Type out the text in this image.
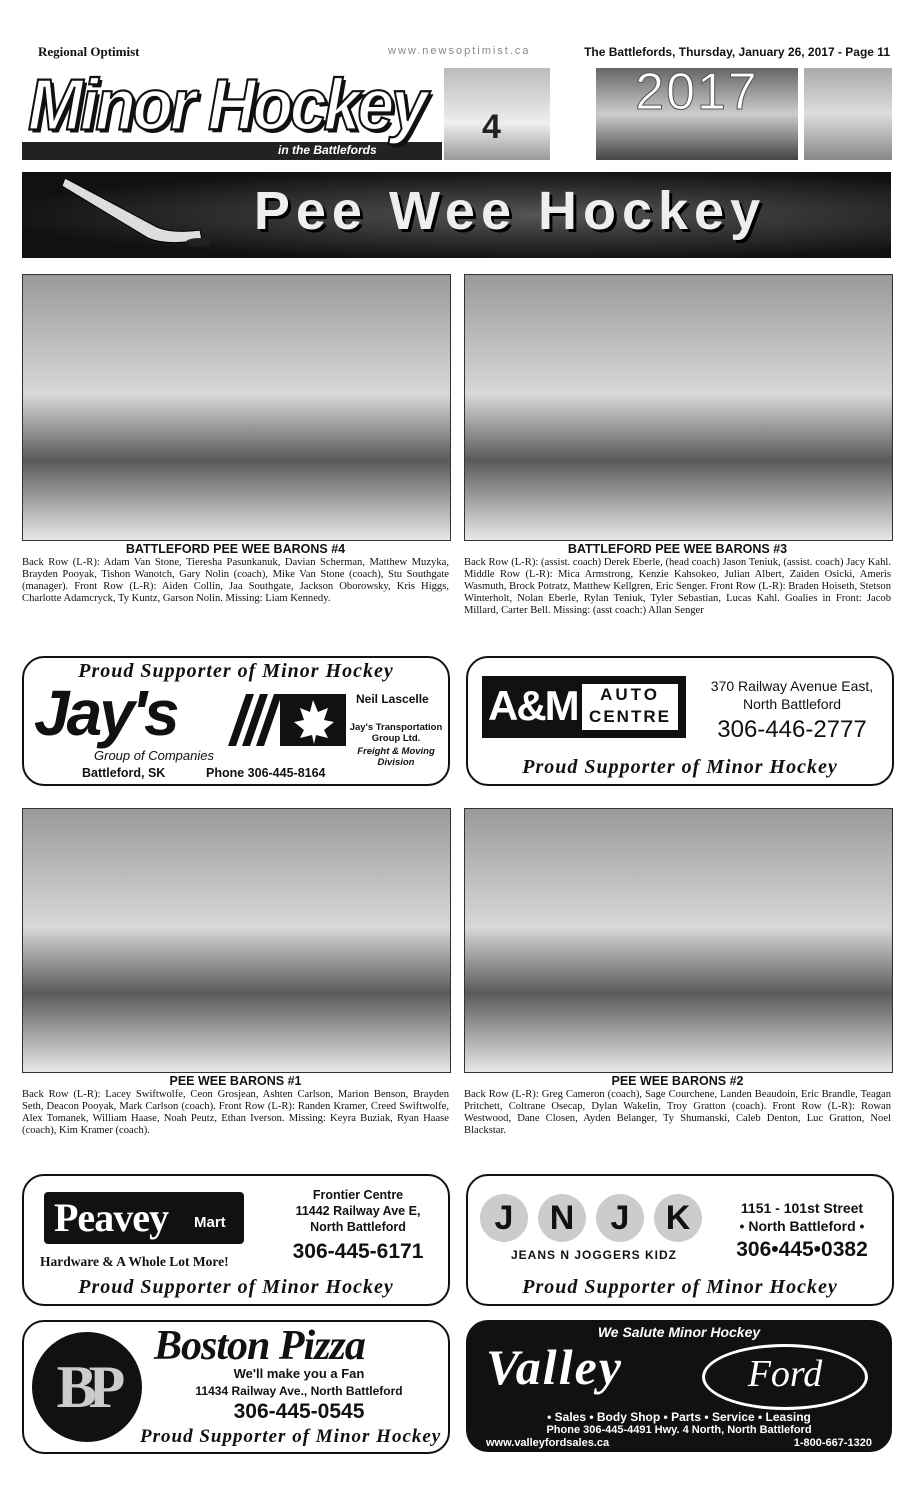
Regional Optimist	www.newsoptimist.ca	The Battlefords, Thursday, January 26, 2017 - Page 11
Minor Hockey
in the Battlefords
4
2017
Pee Wee Hockey
BATTLEFORD PEE WEE BARONS #4
Back Row (L-R): Adam Van Stone, Tieresha Pasunkanuk, Davian Scherman, Matthew Muzyka, Brayden Pooyak, Tishon Wanotch, Gary Nolin (coach), Mike Van Stone (coach), Stu Southgate (manager). Front Row (L-R): Aiden Collin, Jaa Southgate, Jackson Oborowsky, Kris Higgs, Charlotte Adamcryck, Ty Kuntz, Garson Nolin. Missing: Liam Kennedy.
BATTLEFORD PEE WEE BARONS #3
Back Row (L-R): (assist. coach) Derek Eberle, (head coach) Jason Teniuk, (assist. coach) Jacy Kahl. Middle Row (L-R): Mica Armstrong, Kenzie Kahsokeo, Julian Albert, Zaiden Osicki, Ameris Wasmuth, Brock Potratz, Matthew Kellgren, Eric Senger. Front Row (L-R): Braden Hoiseth, Stetson Winterholt, Nolan Eberle, Rylan Teniuk, Tyler Sebastian, Lucas Kahl. Goalies in Front: Jacob Millard, Carter Bell. Missing: (asst coach:) Allan Senger
Proud Supporter of Minor Hockey
Jay's
Group of Companies
Neil Lascelle
Jay's Transportation Group Ltd.
Freight & Moving Division
Battleford, SK	Phone 306-445-8164
A&M	AUTO
CENTRE
370 Railway Avenue East,
North Battleford
306-446-2777
Proud Supporter of Minor Hockey
PEE WEE BARONS #1
Back Row (L-R): Lacey Swiftwolfe, Ceon Grosjean, Ashten Carlson, Marion Benson, Brayden Seth, Deacon Pooyak, Mark Carlson (coach). Front Row (L-R): Randen Kramer, Creed Swiftwolfe, Alex Tomanek, William Haase, Noah Peutz, Ethan Iverson. Missing: Keyra Buziak, Ryan Haase (coach), Kim Kramer (coach).
PEE WEE BARONS #2
Back Row (L-R): Greg Cameron (coach), Sage Courchene, Landen Beaudoin, Eric Brandle, Teagan Pritchett, Coltrane Osecap, Dylan Wakelin, Troy Gratton (coach). Front Row (L-R): Rowan Westwood, Dane Closen, Ayden Belanger, Ty Shumanski, Caleb Denton, Luc Gratton, Noel Blackstar.
Peavey Mart
Hardware & A Whole Lot More!
Frontier Centre
11442 Railway Ave E,
North Battleford
306-445-6171
Proud Supporter of Minor Hockey
J	N	J	K
JEANS N JOGGERS KIDZ
1151 - 101st Street
• North Battleford •
306•445•0382
Proud Supporter of Minor Hockey
BP
Boston Pizza
We'll make you a Fan
11434 Railway Ave., North Battleford
306-445-0545
Proud Supporter of Minor Hockey
We Salute Minor Hockey
Valley	Ford
• Sales • Body Shop • Parts • Service • Leasing
Phone 306-445-4491 Hwy. 4 North, North Battleford
www.valleyfordsales.ca	1-800-667-1320
